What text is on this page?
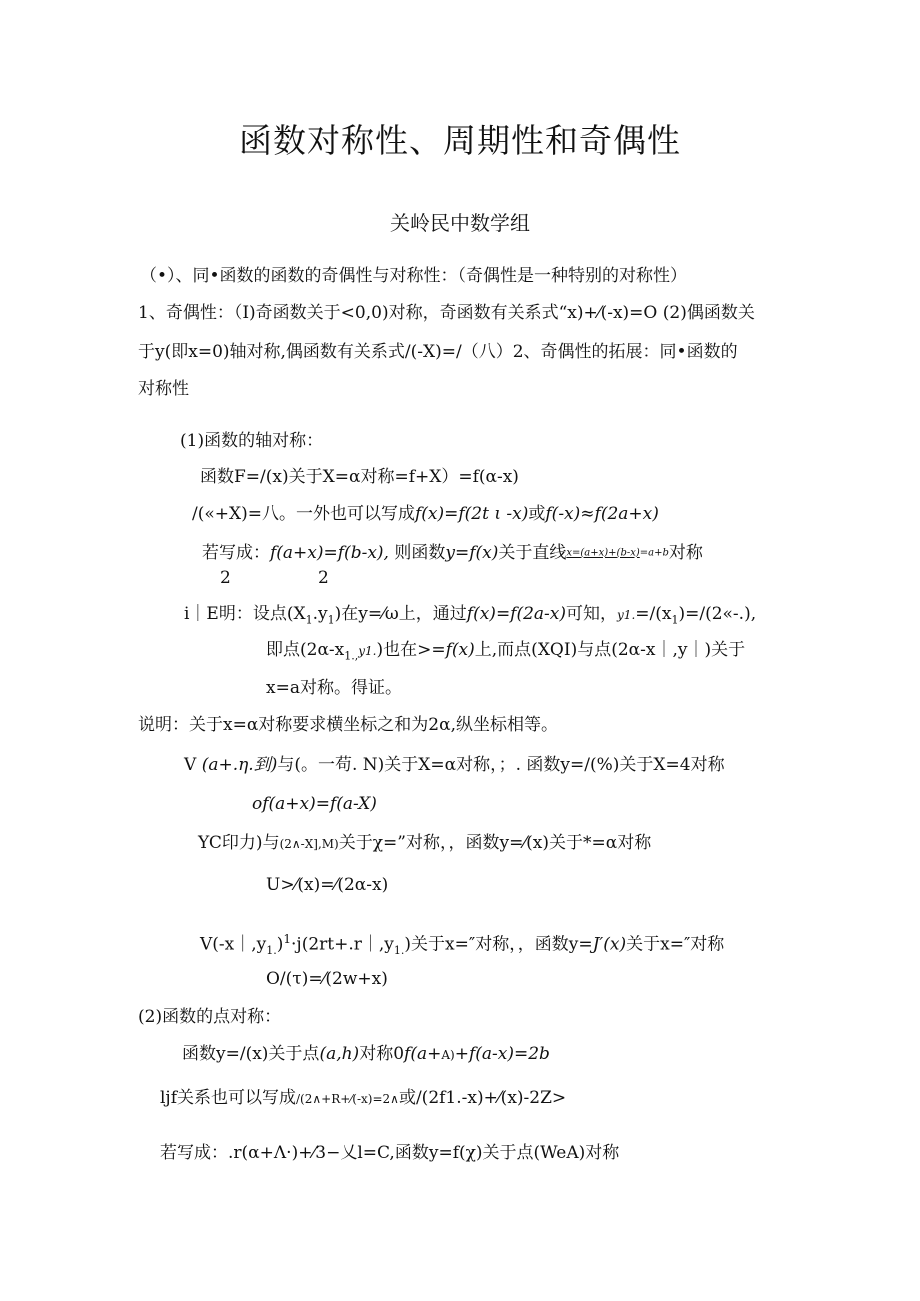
函数对称性、周期性和奇偶性
关岭民中数学组
（•）、同•函数的函数的奇偶性与对称性：（奇偶性是一种特别的对称性）
1、奇偶性：（I)奇函数关于<0,0)对称，奇函数有关系式“x)+⁄(-x)=O (2)偶函数关
于y(即x=0)轴对称,偶函数有关系式/(-X)=/（八）2、奇偶性的拓展：同•函数的
对称性
(1)函数的轴对称：
函数F=/(x)关于X=α对称=f+X）=f(α-x)
/(«+X)=八。一外也可以写成f(x)=f(2t ι -x)或f(-x)≈f(2a+x)
若写成：f(a+x)=f(b-x), 则函数y=f(x)关于直线x=(a+x)+(b-x)=a+b对称
2	2
i｜E明：设点$(X_1.y_1)$在y=⁄ω上，通过f(x)=f(2a-x)可知，$y1.=/(x_1)=/(2«-.)$,
即点$(2\alpha-x_{1.,}y1.)$也在>=f(x)上,而点(XQI)与点(2α-x｜,y｜)关于
x=a对称。得证。
说明：关于x=α对称要求横坐标之和为2α,纵坐标相等。
V (a+.η.到)与(。一苟. N)关于X=α对称，；. 函数y=/(%)关于X=4对称
of(a+x)=f(a-X)
YC印力)与(2∧-X],M)关于χ=”对称，，函数y=⁄(x)关于*=α对称
U>⁄(x)=⁄(2α-x)
$V(-x|,y_{1.})^1\cdot j(2rt+.r|,y_{1.})$关于x=″对称，，函数y=J′(x)关于x=″对称
O/(τ)=⁄(2w+x)
(2)函数的点对称：
函数y=/(x)关于点(a,h)对称0f(a+A)+f(a-x)=2b
ljf关系也可以写成/(2∧+R+⁄(-x)=2∧或/(2f1.-x)+⁄(x)-2Z>
若写成：.r(α+Λ·)+⁄3−乂l=C,函数y=f(χ)关于点(WeA)对称
